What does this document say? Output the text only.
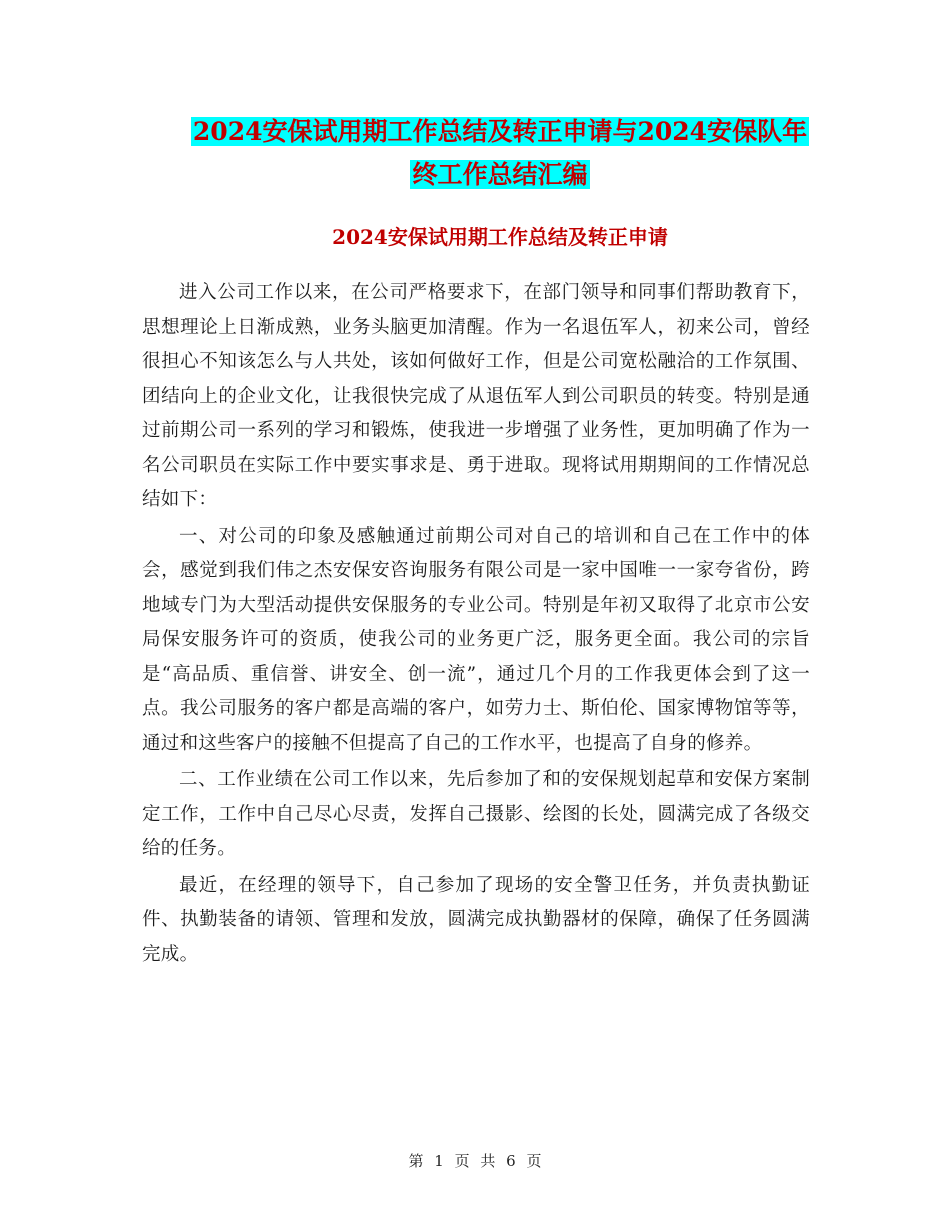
2024安保试用期工作总结及转正申请与2024安保队年
终工作总结汇编
2024安保试用期工作总结及转正申请

进入公司工作以来，在公司严格要求下，在部门领导和同事们帮助教育下，思想理论上日渐成熟，业务头脑更加清醒。作为一名退伍军人，初来公司，曾经很担心不知该怎么与人共处，该如何做好工作，但是公司宽松融洽的工作氛围、团结向上的企业文化，让我很快完成了从退伍军人到公司职员的转变。特别是通过前期公司一系列的学习和锻炼，使我进一步增强了业务性，更加明确了作为一名公司职员在实际工作中要实事求是、勇于进取。现将试用期期间的工作情况总结如下：

一、对公司的印象及感触通过前期公司对自己的培训和自己在工作中的体会，感觉到我们伟之杰安保安咨询服务有限公司是一家中国唯一一家夸省份，跨地域专门为大型活动提供安保服务的专业公司。特别是年初又取得了北京市公安局保安服务许可的资质，使我公司的业务更广泛，服务更全面。我公司的宗旨是“高品质、重信誉、讲安全、创一流”，通过几个月的工作我更体会到了这一点。我公司服务的客户都是高端的客户，如劳力士、斯伯伦、国家博物馆等等，通过和这些客户的接触不但提高了自己的工作水平，也提高了自身的修养。

二、工作业绩在公司工作以来，先后参加了和的安保规划起草和安保方案制定工作，工作中自己尽心尽责，发挥自己摄影、绘图的长处，圆满完成了各级交给的任务。

最近，在经理的领导下，自己参加了现场的安全警卫任务，并负责执勤证件、执勤装备的请领、管理和发放，圆满完成执勤器材的保障，确保了任务圆满完成。

第 1 页 共 6 页
